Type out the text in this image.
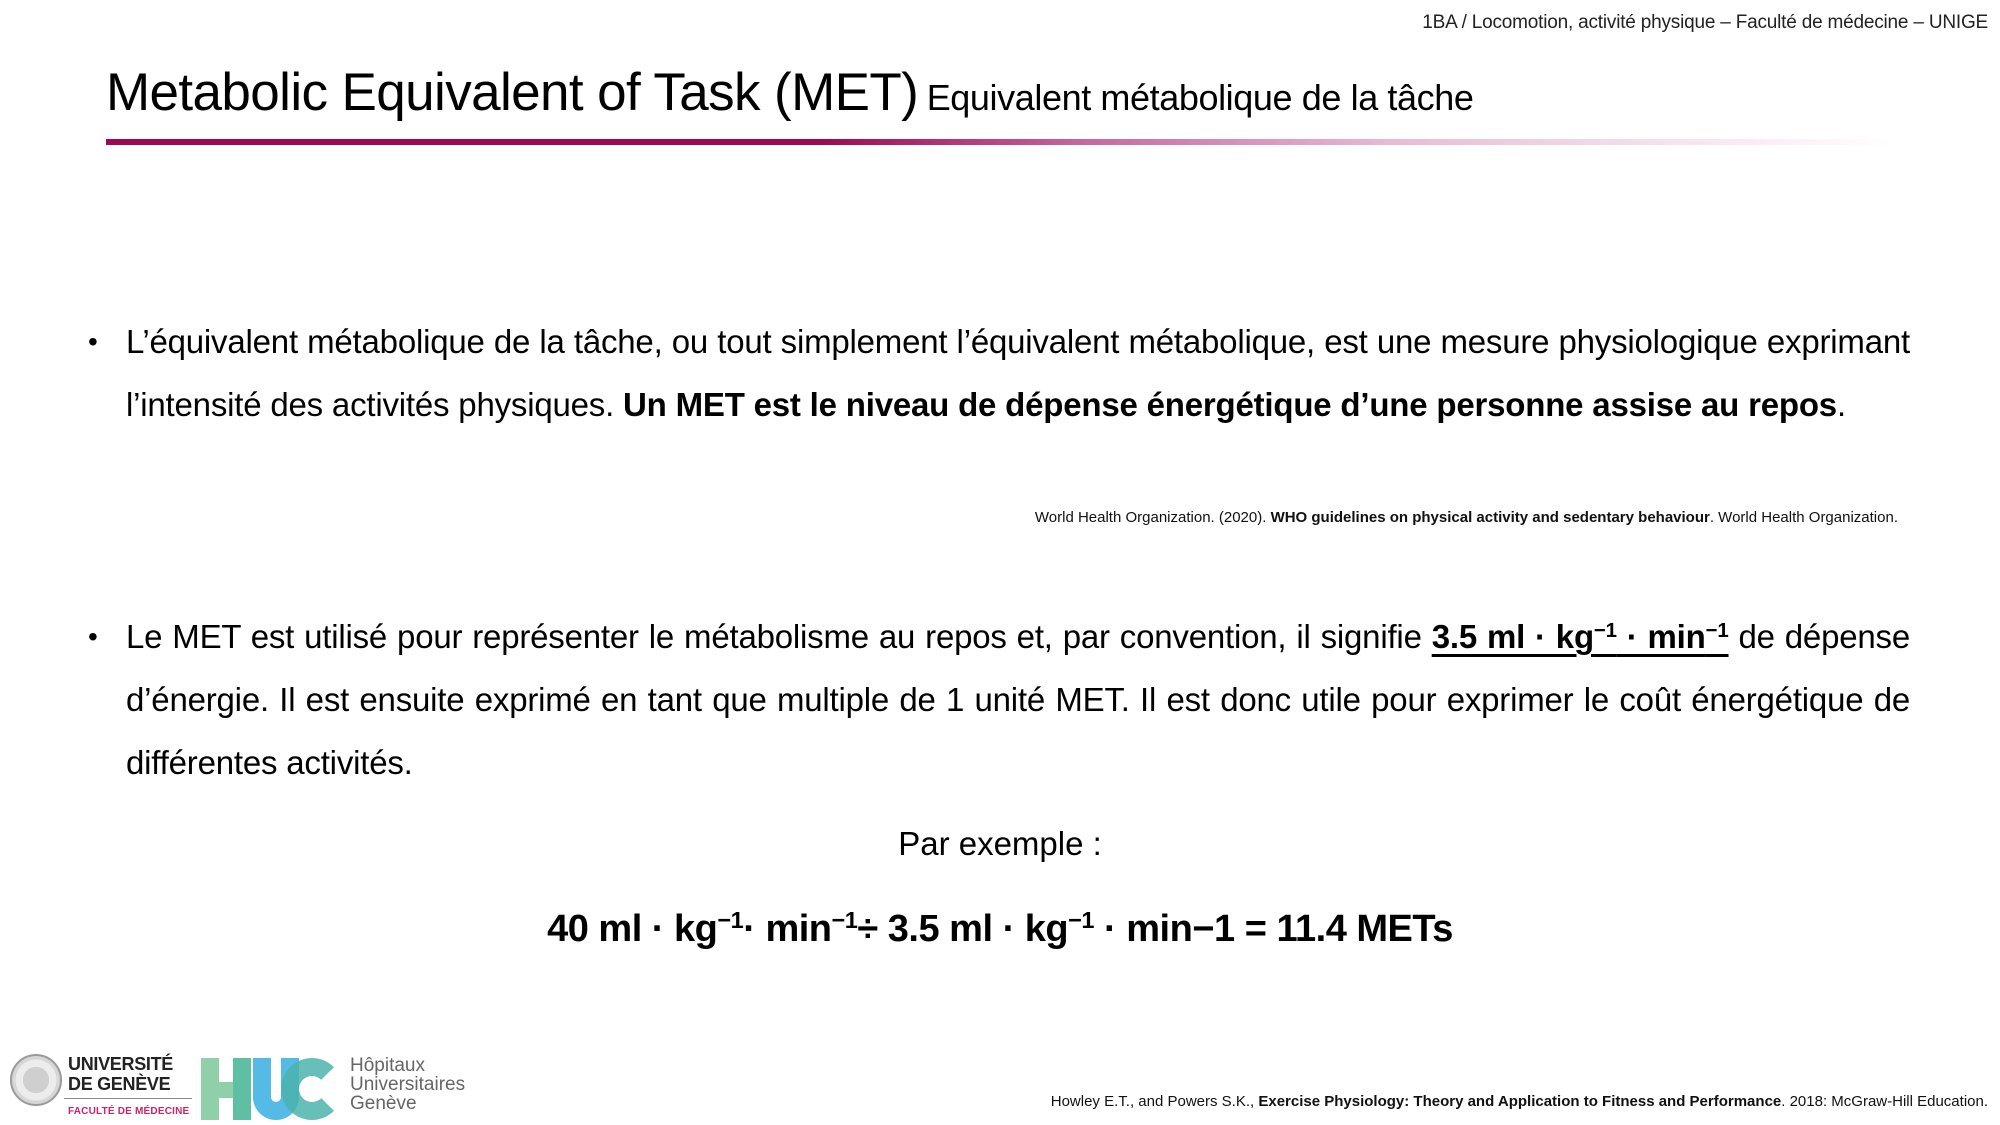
1BA / Locomotion, activité physique – Faculté de médecine – UNIGE
Metabolic Equivalent of Task (MET) Equivalent métabolique de la tâche
• L’équivalent métabolique de la tâche, ou tout simplement l’équivalent métabolique, est une mesure physiologique exprimant l’intensité des activités physiques. Un MET est le niveau de dépense énergétique d’une personne assise au repos.
World Health Organization. (2020). WHO guidelines on physical activity and sedentary behaviour. World Health Organization.
• Le MET est utilisé pour représenter le métabolisme au repos et, par convention, il signifie 3.5 ml · $kg^{-1} \cdot \min^{-1}$ de dépense d’énergie. Il est ensuite exprimé en tant que multiple de 1 unité MET. Il est donc utile pour exprimer le coût énergétique de différentes activités.
Par exemple :
40 ml · $kg^{-1}\cdot \min^{-1}\div 3.5$ ml · $kg^{-1} \cdot \min-1 = 11.4$ METs
Howley E.T., and Powers S.K., Exercise Physiology: Theory and Application to Fitness and Performance. 2018: McGraw-Hill Education.
UNIVERSITÉ
DE GENÈVE
FACULTÉ DE MÉDECINE
Hôpitaux
Universitaires
Genève
